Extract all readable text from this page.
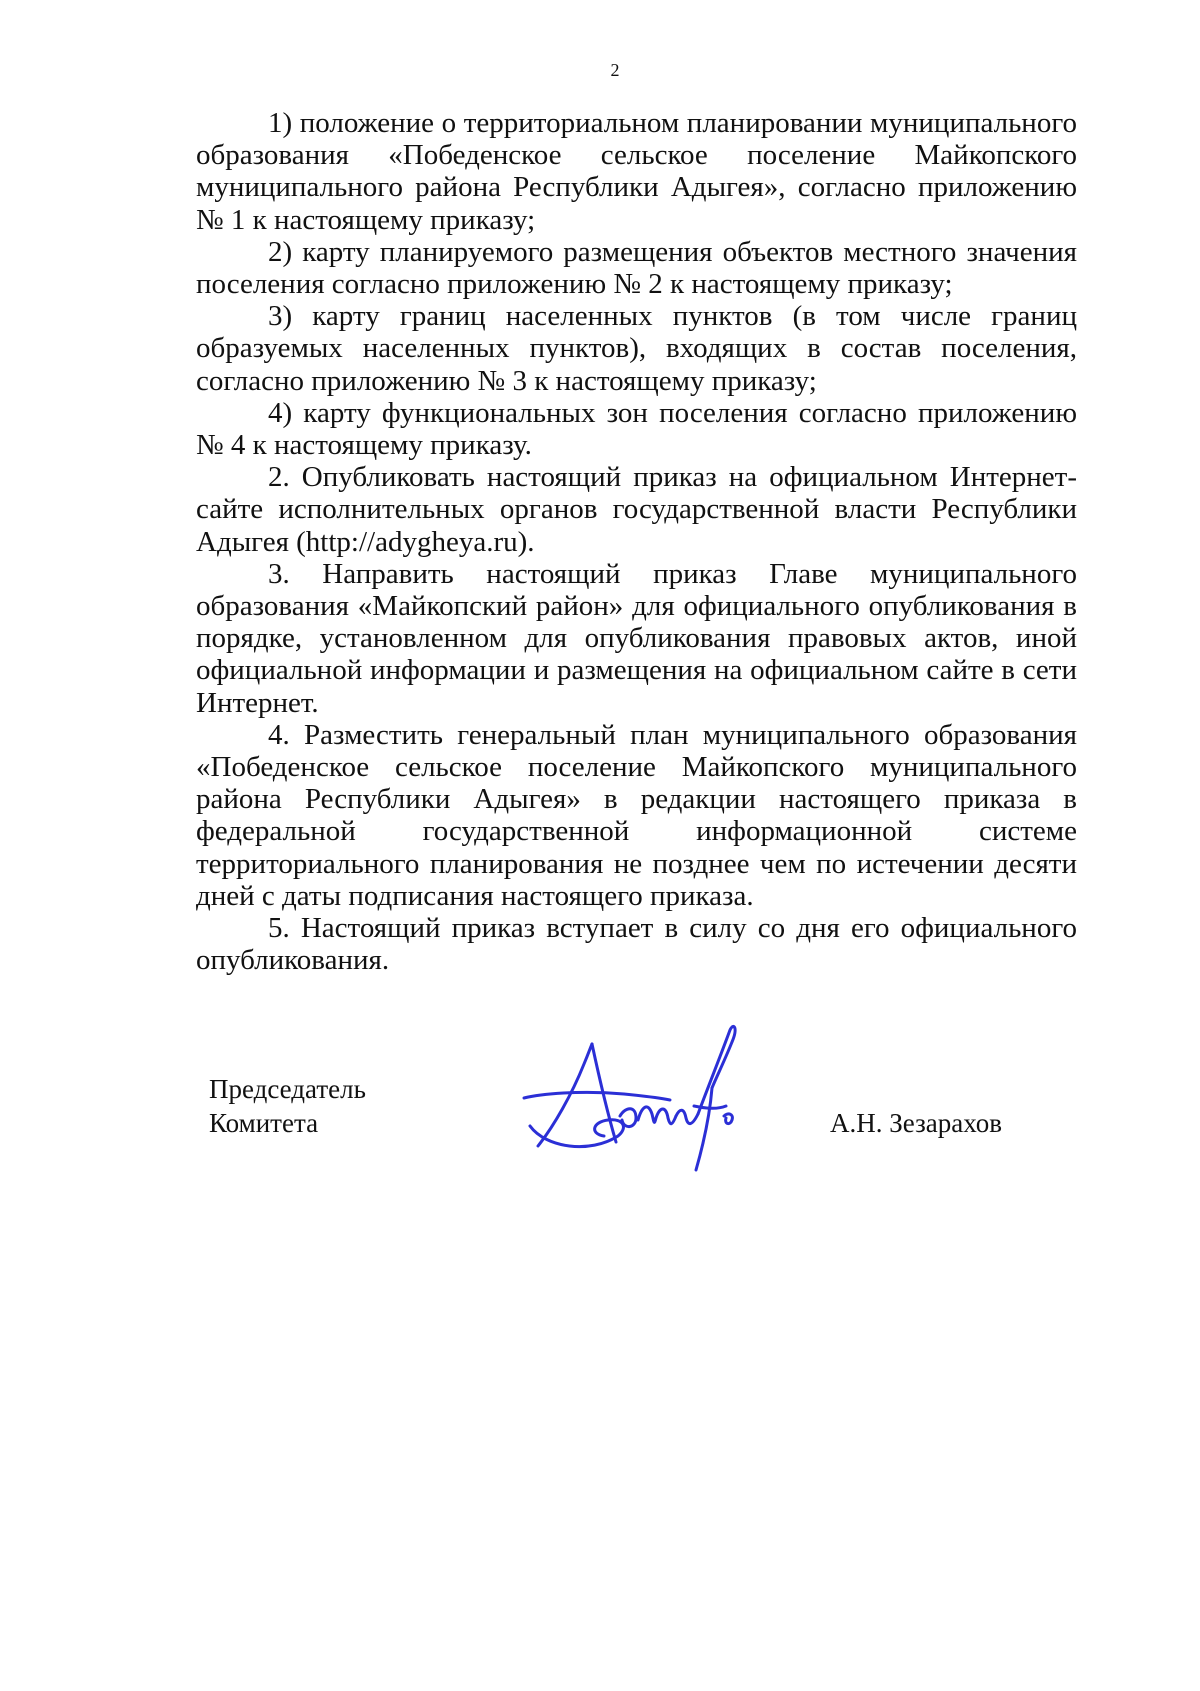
2

1) положение о территориальном планировании муниципального образования «Победенское сельское поселение Майкопского муниципального района Республики Адыгея», согласно приложению № 1 к настоящему приказу;

2) карту планируемого размещения объектов местного значения поселения согласно приложению № 2 к настоящему приказу;

3) карту границ населенных пунктов (в том числе границ образуемых населенных пунктов), входящих в состав поселения, согласно приложению № 3 к настоящему приказу;

4) карту функциональных зон поселения согласно приложению № 4 к настоящему приказу.

2. Опубликовать настоящий приказ на официальном Интернет-сайте исполнительных органов государственной власти Республики Адыгея (http://adygheya.ru).

3. Направить настоящий приказ Главе муниципального образования «Майкопский район» для официального опубликования в порядке, установленном для опубликования правовых актов, иной официальной информации и размещения на официальном сайте в сети Интернет.

4. Разместить генеральный план муниципального образования «Победенское сельское поселение Майкопского муниципального района Республики Адыгея» в редакции настоящего приказа в федеральной государственной информационной системе территориального планирования не позднее чем по истечении десяти дней с даты подписания настоящего приказа.

5. Настоящий приказ вступает в силу со дня его официального опубликования.

Председатель
Комитета	А.Н. Зезарахов
